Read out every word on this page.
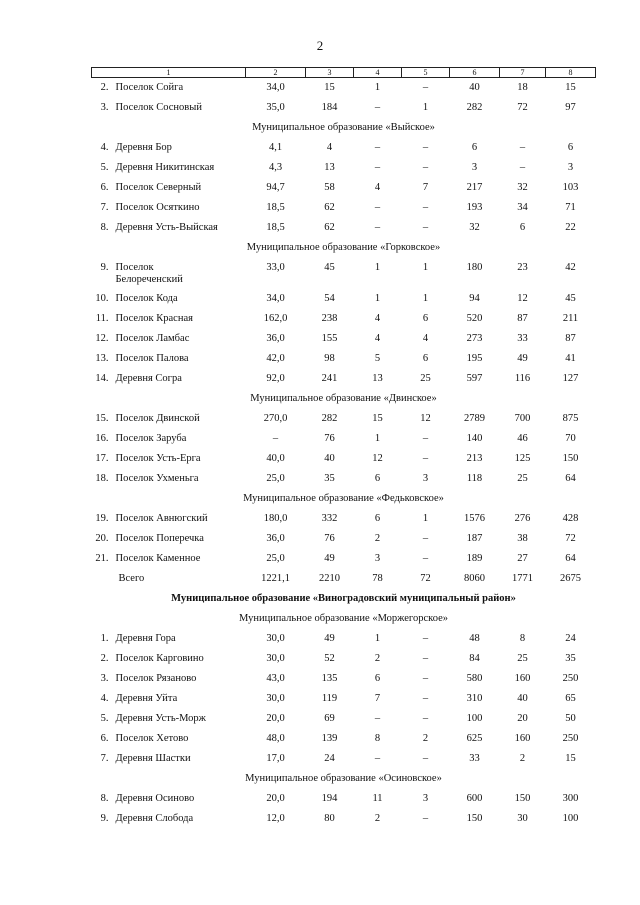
2
1	2	3	4	5	6	7	8

2. Поселок Сойга	34,0	15	1	–	40	18	15

3. Поселок Сосновый	35,0	184	–	1	282	72	97
Муниципальное образование «Выйское»							

4. Деревня Бор	4,1	4	–	–	6	–	6

5. Деревня Никитинская	4,3	13	–	–	3	–	3

6. Поселок Северный	94,7	58	4	7	217	32	103

7. Поселок Осяткино	18,5	62	–	–	193	34	71

8. Деревня Усть-Выйская	18,5	62	–	–	32	6	22
Муниципальное образование «Горковское»							

9. Поселок
Белореченский	33,0	45	1	1	180	23	42

10. Поселок Кода	34,0	54	1	1	94	12	45

11. Поселок Красная	162,0	238	4	6	520	87	211

12. Поселок Ламбас	36,0	155	4	4	273	33	87

13. Поселок Палова	42,0	98	5	6	195	49	41

14. Деревня Согра	92,0	241	13	25	597	116	127
Муниципальное образование «Двинское»							

15. Поселок Двинской	270,0	282	15	12	2789	700	875

16. Поселок Заруба	–	76	1	–	140	46	70

17. Поселок Усть-Ерга	40,0	40	12	–	213	125	150

18. Поселок Ухменьга	25,0	35	6	3	118	25	64
Муниципальное образование «Федьковское»							

19. Поселок Авнюгский	180,0	332	6	1	1576	276	428

20. Поселок Поперечка	36,0	76	2	–	187	38	72

21. Поселок Каменное	25,0	49	3	–	189	27	64

Всего	1221,1	2210	78	72	8060	1771	2675
Муниципальное образование «Виноградовский муниципальный район»							
Муниципальное образование «Моржегорское»							

1. Деревня Гора	30,0	49	1	–	48	8	24

2. Поселок Карговино	30,0	52	2	–	84	25	35

3. Поселок Рязаново	43,0	135	6	–	580	160	250

4. Деревня Уйта	30,0	119	7	–	310	40	65

5. Деревня Усть-Морж	20,0	69	–	–	100	20	50

6. Поселок Хетово	48,0	139	8	2	625	160	250

7. Деревня Шастки	17,0	24	–	–	33	2	15
Муниципальное образование «Осиновское»							

8. Деревня Осиново	20,0	194	11	3	600	150	300

9. Деревня Слобода	12,0	80	2	–	150	30	100
